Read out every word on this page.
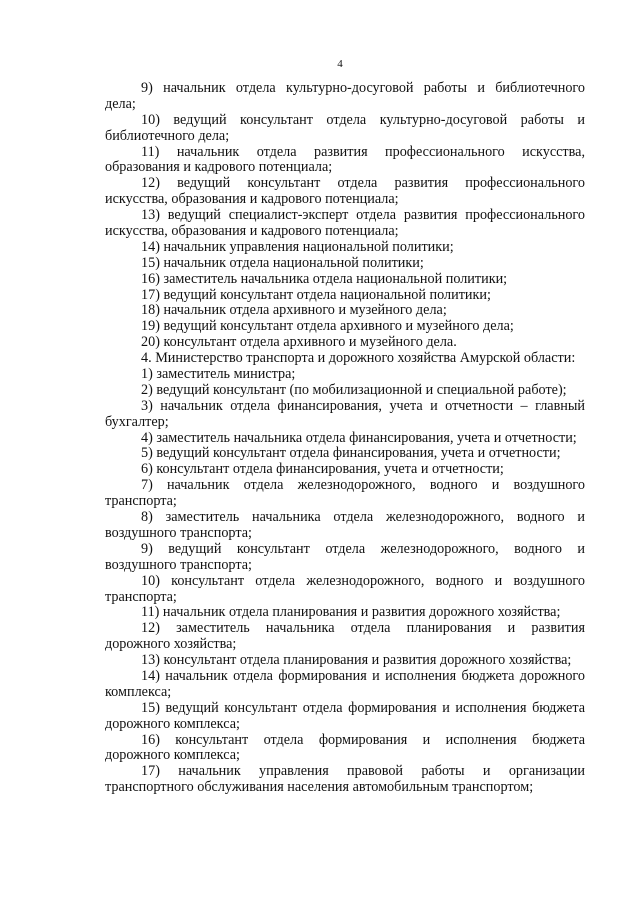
4
9) начальник отдела культурно-досуговой работы и библиотечного
дела;
10) ведущий консультант отдела культурно-досуговой работы и
библиотечного дела;
11) начальник отдела развития профессионального искусства,
образования и кадрового потенциала;
12) ведущий консультант отдела развития профессионального
искусства, образования и кадрового потенциала;
13) ведущий специалист-эксперт отдела развития профессионального
искусства, образования и кадрового потенциала;
14) начальник управления национальной политики;
15) начальник отдела национальной политики;
16) заместитель начальника отдела национальной политики;
17) ведущий консультант отдела национальной политики;
18) начальник отдела архивного и музейного дела;
19) ведущий консультант отдела архивного и музейного дела;
20) консультант отдела архивного и музейного дела.
4. Министерство транспорта и дорожного хозяйства Амурской области:
1) заместитель министра;
2) ведущий консультант (по мобилизационной и специальной работе);
3) начальник отдела финансирования, учета и отчетности – главный
бухгалтер;
4) заместитель начальника отдела финансирования, учета и отчетности;
5) ведущий консультант отдела финансирования, учета и отчетности;
6) консультант отдела финансирования, учета и отчетности;
7) начальник отдела железнодорожного, водного и воздушного
транспорта;
8) заместитель начальника отдела железнодорожного, водного и
воздушного транспорта;
9) ведущий консультант отдела железнодорожного, водного и
воздушного транспорта;
10) консультант отдела железнодорожного, водного и воздушного
транспорта;
11) начальник отдела планирования и развития дорожного хозяйства;
12) заместитель начальника отдела планирования и развития
дорожного хозяйства;
13) консультант отдела планирования и развития дорожного хозяйства;
14) начальник отдела формирования и исполнения бюджета дорожного
комплекса;
15) ведущий консультант отдела формирования и исполнения бюджета
дорожного комплекса;
16) консультант отдела формирования и исполнения бюджета
дорожного комплекса;
17) начальник управления правовой работы и организации
транспортного обслуживания населения автомобильным транспортом;
